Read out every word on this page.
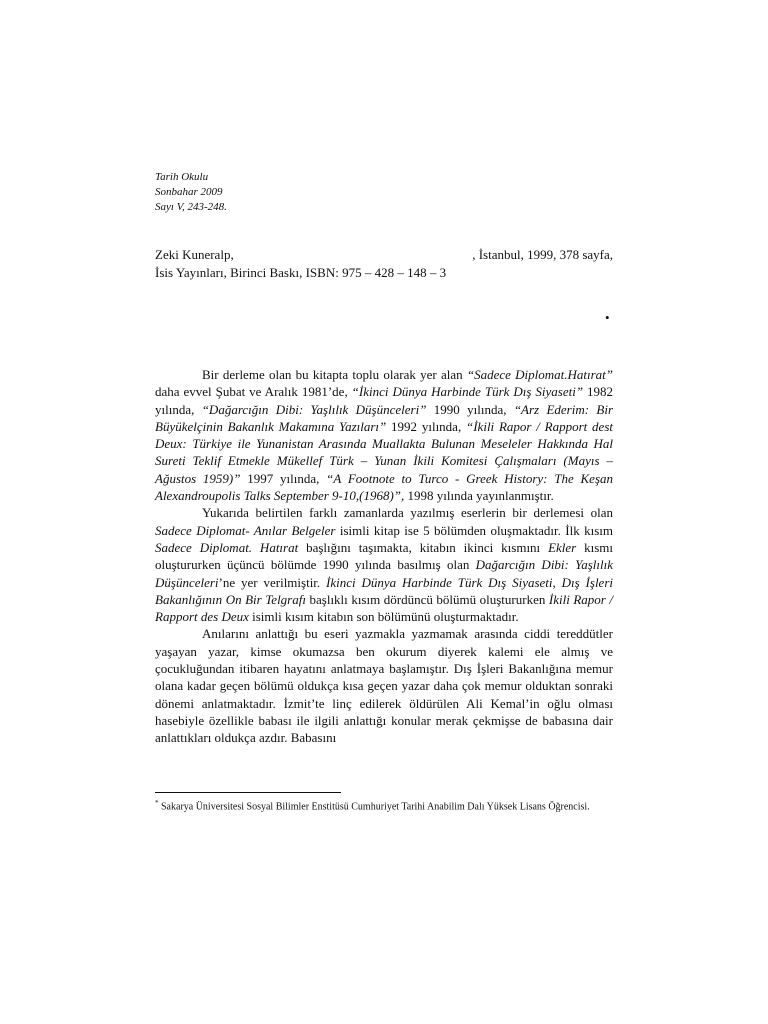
Tarih Okulu
Sonbahar 2009
Sayı V, 243-248.
Zeki Kuneralp,	, İstanbul, 1999, 378 sayfa,
İsis Yayınları, Birinci Baskı, ISBN: 975 – 428 – 148 – 3
•

Bir derleme olan bu kitapta toplu olarak yer alan “Sadece Diplomat.Hatırat” daha evvel Şubat ve Aralık 1981’de, “İkinci Dünya Harbinde Türk Dış Siyaseti” 1982 yılında, “Dağarcığın Dibi: Yaşlılık Düşünceleri” 1990 yılında, “Arz Ederim: Bir Büyükelçinin Bakanlık Makamına Yazıları” 1992 yılında, “İkili Rapor / Rapport dest Deux: Türkiye ile Yunanistan Arasında Muallakta Bulunan Meseleler Hakkında Hal Sureti Teklif Etmekle Mükellef Türk – Yunan İkili Komitesi Çalışmaları (Mayıs – Ağustos 1959)” 1997 yılında, “A Footnote to Turco - Greek History: The Keşan Alexandroupolis Talks September 9-10,(1968)”, 1998 yılında yayınlanmıştır.

Yukarıda belirtilen farklı zamanlarda yazılmış eserlerin bir derlemesi olan Sadece Diplomat- Anılar Belgeler isimli kitap ise 5 bölümden oluşmaktadır. İlk kısım Sadece Diplomat. Hatırat başlığını taşımakta, kitabın ikinci kısmını Ekler kısmı oluştururken üçüncü bölümde 1990 yılında basılmış olan Dağarcığın Dibi: Yaşlılık Düşünceleri’ne yer verilmiştir. İkinci Dünya Harbinde Türk Dış Siyaseti, Dış İşleri Bakanlığının On Bir Telgrafı başlıklı kısım dördüncü bölümü oluştururken İkili Rapor / Rapport des Deux isimli kısım kitabın son bölümünü oluşturmaktadır.

Anılarını anlattığı bu eseri yazmakla yazmamak arasında ciddi tereddütler yaşayan yazar, kimse okumazsa ben okurum diyerek kalemi ele almış ve çocukluğundan itibaren hayatını anlatmaya başlamıştır. Dış İşleri Bakanlığına memur olana kadar geçen bölümü oldukça kısa geçen yazar daha çok memur olduktan sonraki dönemi anlatmaktadır. İzmit’te linç edilerek öldürülen Ali Kemal’in oğlu olması hasebiyle özellikle babası ile ilgili anlattığı konular merak çekmişse de babasına dair anlattıkları oldukça azdır. Babasını

* Sakarya Üniversitesi Sosyal Bilimler Enstitüsü Cumhuriyet Tarihi Anabilim Dalı Yüksek Lisans Öğrencisi.
